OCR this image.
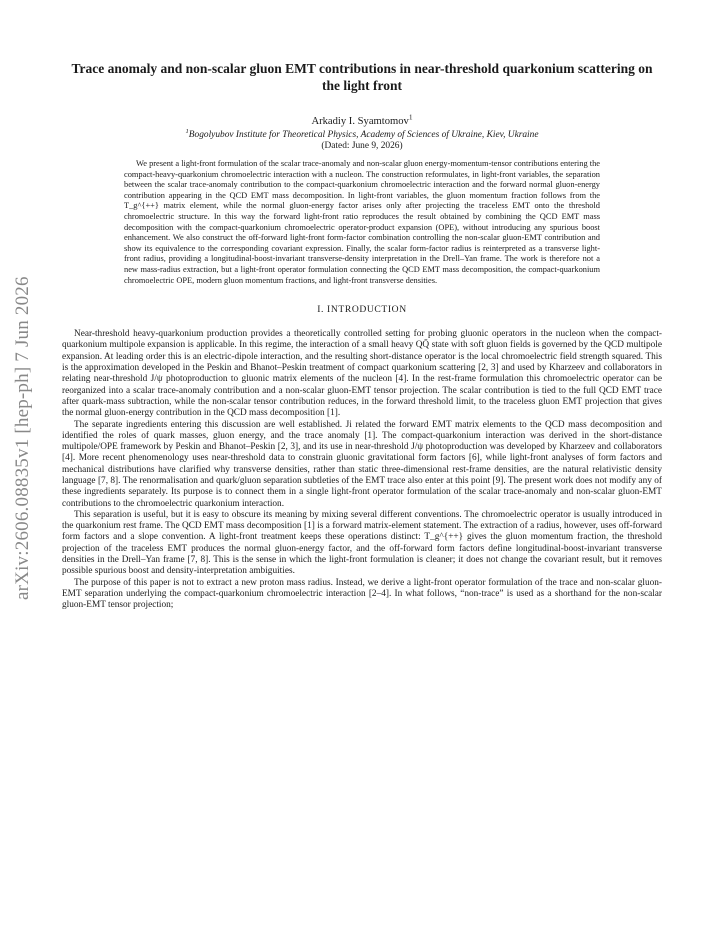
arXiv:2606.08835v1 [hep-ph] 7 Jun 2026
Trace anomaly and non-scalar gluon EMT contributions in near-threshold quarkonium scattering on the light front
Arkadiy I. Syamtomov$^1$
$^1$Bogolyubov Institute for Theoretical Physics, Academy of Sciences of Ukraine, Kiev, Ukraine
(Dated: June 9, 2026)
We present a light-front formulation of the scalar trace-anomaly and non-scalar gluon energy-momentum-tensor contributions entering the compact-heavy-quarkonium chromoelectric interaction with a nucleon. The construction reformulates, in light-front variables, the separation between the scalar trace-anomaly contribution to the compact-quarkonium chromoelectric interaction and the forward normal gluon-energy contribution appearing in the QCD EMT mass decomposition. In light-front variables, the gluon momentum fraction follows from the T_g^{++} matrix element, while the normal gluon-energy factor arises only after projecting the traceless EMT onto the threshold chromoelectric structure. In this way the forward light-front ratio reproduces the result obtained by combining the QCD EMT mass decomposition with the compact-quarkonium chromoelectric operator-product expansion (OPE), without introducing any spurious boost enhancement. We also construct the off-forward light-front form-factor combination controlling the non-scalar gluon-EMT contribution and show its equivalence to the corresponding covariant expression. Finally, the scalar form-factor radius is reinterpreted as a transverse light-front radius, providing a longitudinal-boost-invariant transverse-density interpretation in the Drell–Yan frame. The work is therefore not a new mass-radius extraction, but a light-front operator formulation connecting the QCD EMT mass decomposition, the compact-quarkonium chromoelectric OPE, modern gluon momentum fractions, and light-front transverse densities.
I. INTRODUCTION

Near-threshold heavy-quarkonium production provides a theoretically controlled setting for probing gluonic operators in the nucleon when the compact-quarkonium multipole expansion is applicable. In this regime, the interaction of a small heavy QQ̄ state with soft gluon fields is governed by the QCD multipole expansion. At leading order this is an electric-dipole interaction, and the resulting short-distance operator is the local chromoelectric field strength squared. This is the approximation developed in the Peskin and Bhanot–Peskin treatment of compact quarkonium scattering [2, 3] and used by Kharzeev and collaborators in relating near-threshold J/ψ photoproduction to gluonic matrix elements of the nucleon [4]. In the rest-frame formulation this chromoelectric operator can be reorganized into a scalar trace-anomaly contribution and a non-scalar gluon-EMT tensor projection. The scalar contribution is tied to the full QCD EMT trace after quark-mass subtraction, while the non-scalar tensor contribution reduces, in the forward threshold limit, to the traceless gluon EMT projection that gives the normal gluon-energy contribution in the QCD mass decomposition [1].

The separate ingredients entering this discussion are well established. Ji related the forward EMT matrix elements to the QCD mass decomposition and identified the roles of quark masses, gluon energy, and the trace anomaly [1]. The compact-quarkonium interaction was derived in the short-distance multipole/OPE framework by Peskin and Bhanot–Peskin [2, 3], and its use in near-threshold J/ψ photoproduction was developed by Kharzeev and collaborators [4]. More recent phenomenology uses near-threshold data to constrain gluonic gravitational form factors [6], while light-front analyses of form factors and mechanical distributions have clarified why transverse densities, rather than static three-dimensional rest-frame densities, are the natural relativistic density language [7, 8]. The renormalisation and quark/gluon separation subtleties of the EMT trace also enter at this point [9]. The present work does not modify any of these ingredients separately. Its purpose is to connect them in a single light-front operator formulation of the scalar trace-anomaly and non-scalar gluon-EMT contributions to the chromoelectric quarkonium interaction.

This separation is useful, but it is easy to obscure its meaning by mixing several different conventions. The chromoelectric operator is usually introduced in the quarkonium rest frame. The QCD EMT mass decomposition [1] is a forward matrix-element statement. The extraction of a radius, however, uses off-forward form factors and a slope convention. A light-front treatment keeps these operations distinct: T_g^{++} gives the gluon momentum fraction, the threshold projection of the traceless EMT produces the normal gluon-energy factor, and the off-forward form factors define longitudinal-boost-invariant transverse densities in the Drell–Yan frame [7, 8]. This is the sense in which the light-front formulation is cleaner; it does not change the covariant result, but it removes possible spurious boost and density-interpretation ambiguities.

The purpose of this paper is not to extract a new proton mass radius. Instead, we derive a light-front operator formulation of the trace and non-scalar gluon-EMT separation underlying the compact-quarkonium chromoelectric interaction [2–4]. In what follows, “non-trace” is used as a shorthand for the non-scalar gluon-EMT tensor projection;
